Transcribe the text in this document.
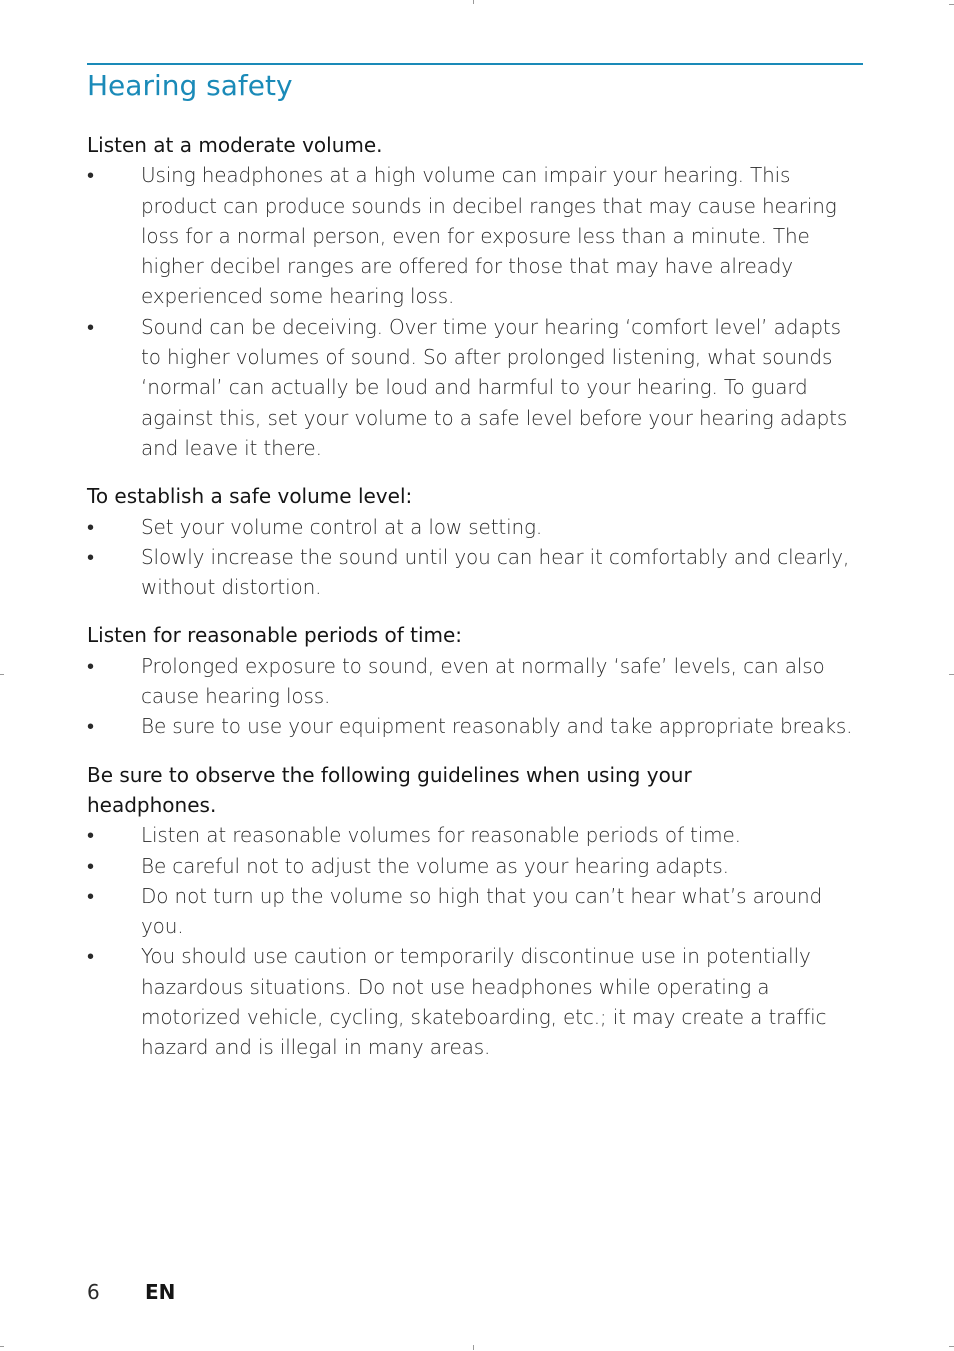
Hearing safety

Listen at a moderate volume.

•	Using headphones at a high volume can impair your hearing. This product can produce sounds in decibel ranges that may cause hearing loss for a normal person, even for exposure less than a minute. The higher decibel ranges are offered for those that may have already experienced some hearing loss.
•	Sound can be deceiving. Over time your hearing ‘comfort level’ adapts to higher volumes of sound. So after prolonged listening, what sounds ‘normal’ can actually be loud and harmful to your hearing. To guard against this, set your volume to a safe level before your hearing adapts and leave it there.

To establish a safe volume level:

•	Set your volume control at a low setting.
•	Slowly increase the sound until you can hear it comfortably and clearly, without distortion.

Listen for reasonable periods of time:

•	Prolonged exposure to sound, even at normally ‘safe’ levels, can also cause hearing loss.
•	Be sure to use your equipment reasonably and take appropriate breaks.

Be sure to observe the following guidelines when using your headphones.

•	Listen at reasonable volumes for reasonable periods of time.
•	Be careful not to adjust the volume as your hearing adapts.
•	Do not turn up the volume so high that you can’t hear what’s around you.
•	You should use caution or temporarily discontinue use in potentially hazardous situations. Do not use headphones while operating a motorized vehicle, cycling, skateboarding, etc.; it may create a traffic hazard and is illegal in many areas.
6 EN
